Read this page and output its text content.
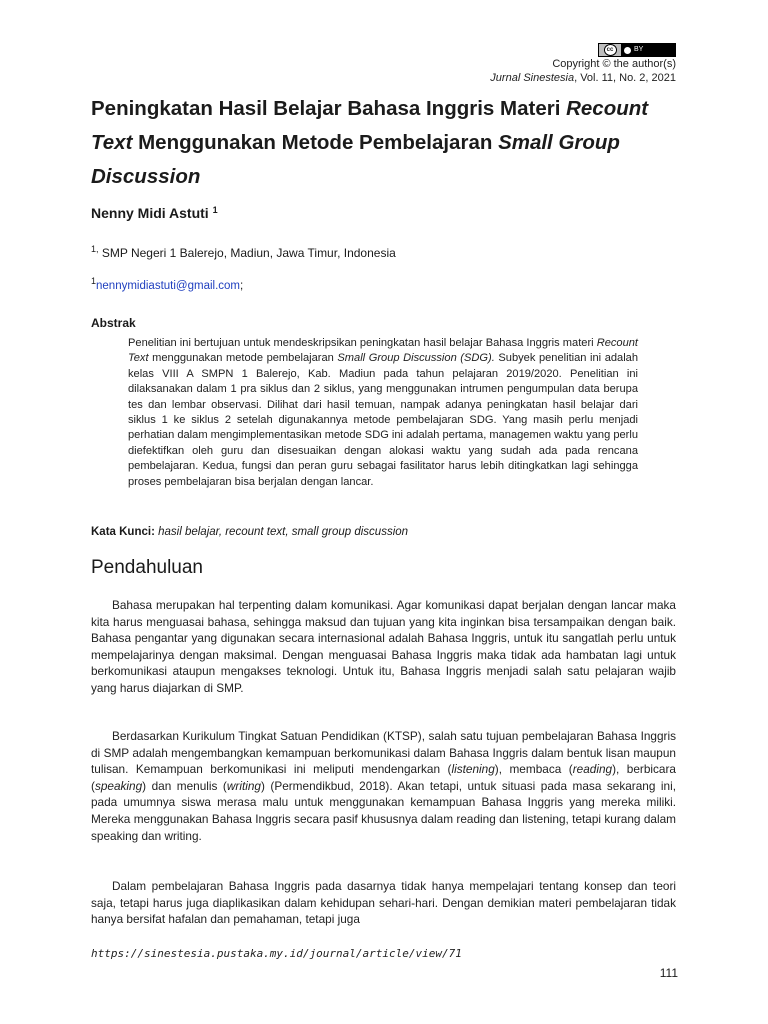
cc	BY
Copyright © the author(s)
Jurnal Sinestesia, Vol. 11, No. 2, 2021
Peningkatan Hasil Belajar Bahasa Inggris Materi Recount Text Menggunakan Metode Pembelajaran Small Group Discussion
Nenny Midi Astuti $^1$
$^{1,}$ SMP Negeri 1 Balerejo, Madiun, Jawa Timur, Indonesia
$^1$nennymidiastuti@gmail.com;
Abstrak

Penelitian ini bertujuan untuk mendeskripsikan peningkatan hasil belajar Bahasa Inggris materi Recount Text menggunakan metode pembelajaran Small Group Discussion (SDG). Subyek penelitian ini adalah kelas VIII A SMPN 1 Balerejo, Kab. Madiun pada tahun pelajaran 2019/2020. Penelitian ini dilaksanakan dalam 1 pra siklus dan 2 siklus, yang menggunakan intrumen pengumpulan data berupa tes dan lembar observasi. Dilihat dari hasil temuan, nampak adanya peningkatan hasil belajar dari siklus 1 ke siklus 2 setelah digunakannya metode pembelajaran SDG. Yang masih perlu menjadi perhatian dalam mengimplementasikan metode SDG ini adalah pertama, managemen waktu yang perlu diefektifkan oleh guru dan disesuaikan dengan alokasi waktu yang sudah ada pada rencana pembelajaran. Kedua, fungsi dan peran guru sebagai fasilitator harus lebih ditingkatkan lagi sehingga proses pembelajaran bisa berjalan dengan lancar.

Kata Kunci: hasil belajar, recount text, small group discussion
Pendahuluan

Bahasa merupakan hal terpenting dalam komunikasi. Agar komunikasi dapat berjalan dengan lancar maka kita harus menguasai bahasa, sehingga maksud dan tujuan yang kita inginkan bisa tersampaikan dengan baik. Bahasa pengantar yang digunakan secara internasional adalah Bahasa Inggris, untuk itu sangatlah perlu untuk mempelajarinya dengan maksimal. Dengan menguasai Bahasa Inggris maka tidak ada hambatan lagi untuk berkomunikasi ataupun mengakses teknologi. Untuk itu, Bahasa Inggris menjadi salah satu pelajaran wajib yang harus diajarkan di SMP.

Berdasarkan Kurikulum Tingkat Satuan Pendidikan (KTSP), salah satu tujuan pembelajaran Bahasa Inggris di SMP adalah mengembangkan kemampuan berkomunikasi dalam Bahasa Inggris dalam bentuk lisan maupun tulisan. Kemampuan berkomunikasi ini meliputi mendengarkan (listening), membaca (reading), berbicara (speaking) dan menulis (writing) (Permendikbud, 2018). Akan tetapi, untuk situasi pada masa sekarang ini, pada umumnya siswa merasa malu untuk menggunakan kemampuan Bahasa Inggris yang mereka miliki. Mereka menggunakan Bahasa Inggris secara pasif khususnya dalam reading dan listening, tetapi kurang dalam speaking dan writing.

Dalam pembelajaran Bahasa Inggris pada dasarnya tidak hanya mempelajari tentang konsep dan teori saja, tetapi harus juga diaplikasikan dalam kehidupan sehari-hari. Dengan demikian materi pembelajaran tidak hanya bersifat hafalan dan pemahaman, tetapi juga

https://sinestesia.pustaka.my.id/journal/article/view/71
111
